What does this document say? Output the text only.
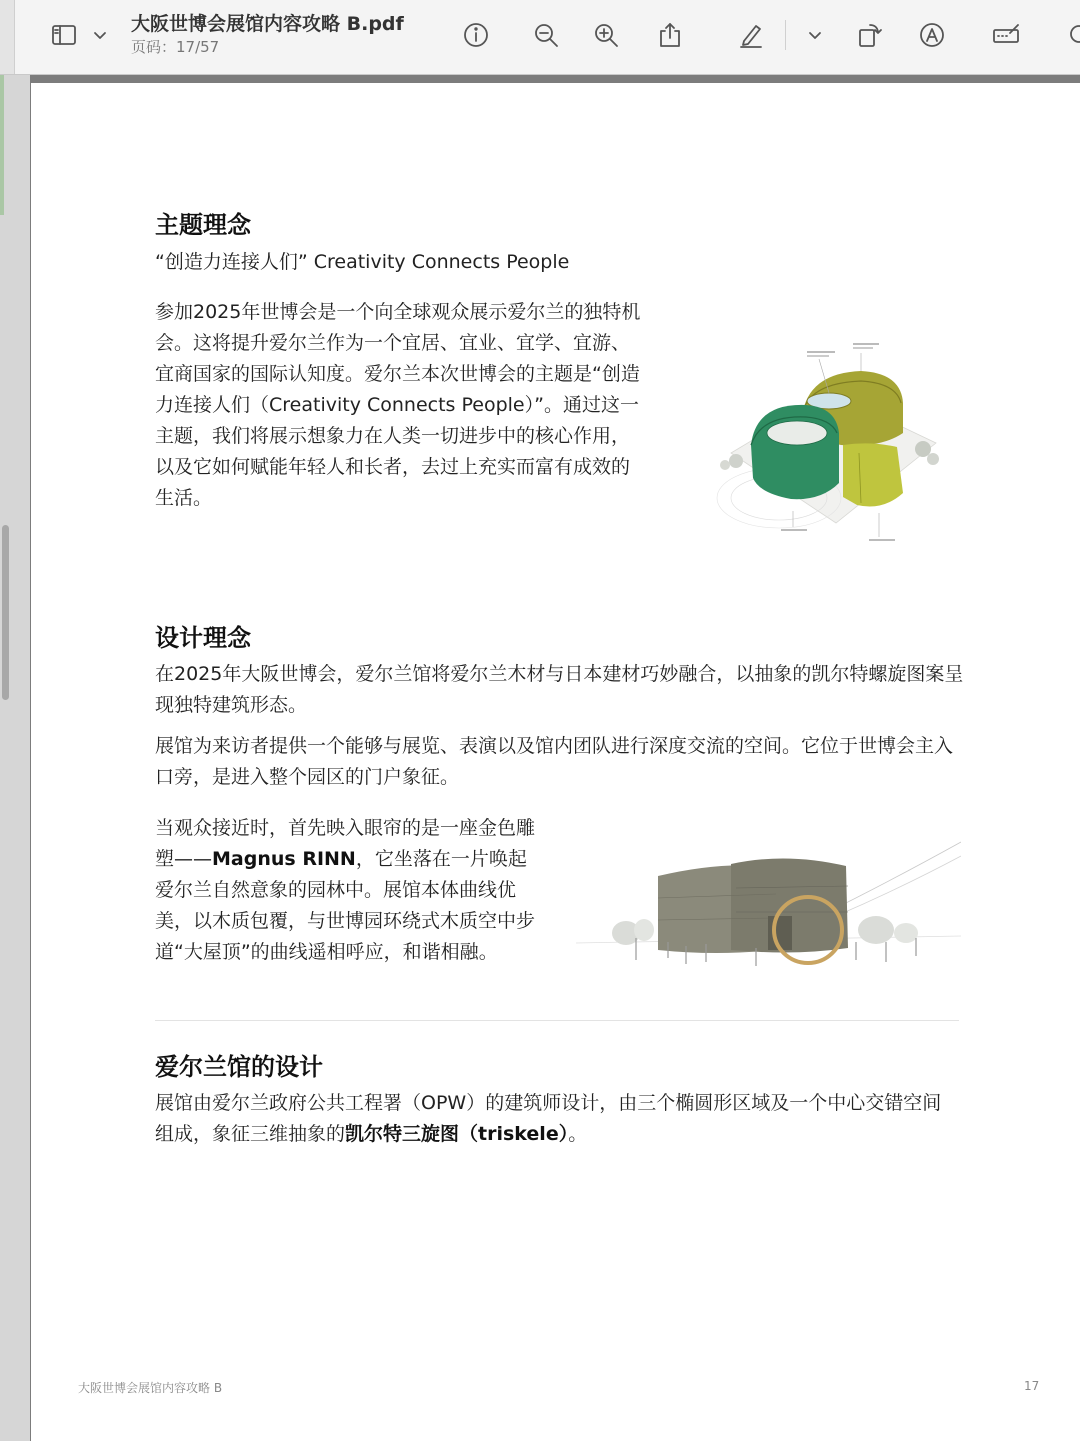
大阪世博会展馆内容攻略 B.pdf
页码：17/57
主题理念
“创造力连接人们” Creativity Connects People
参加2025年世博会是一个向全球观众展示爱尔兰的独特机会。这将提升爱尔兰作为一个宜居、宜业、宜学、宜游、宜商国家的国际认知度。爱尔兰本次世博会的主题是“创造力连接人们（Creativity Connects People）”。通过这一主题，我们将展示想象力在人类一切进步中的核心作用，以及它如何赋能年轻人和长者，去过上充实而富有成效的生活。
设计理念
在2025年大阪世博会，爱尔兰馆将爱尔兰木材与日本建材巧妙融合，以抽象的凯尔特螺旋图案呈现独特建筑形态。
展馆为来访者提供一个能够与展览、表演以及馆内团队进行深度交流的空间。它位于世博会主入口旁，是进入整个园区的门户象征。
当观众接近时，首先映入眼帘的是一座金色雕塑——Magnus RINN，它坐落在一片唤起爱尔兰自然意象的园林中。展馆本体曲线优美，以木质包覆，与世博园环绕式木质空中步道“大屋顶”的曲线遥相呼应，和谐相融。
爱尔兰馆的设计
展馆由爱尔兰政府公共工程署（OPW）的建筑师设计，由三个椭圆形区域及一个中心交错空间组成，象征三维抽象的凯尔特三旋图（triskele）。
大阪世博会展馆内容攻略 B	17
